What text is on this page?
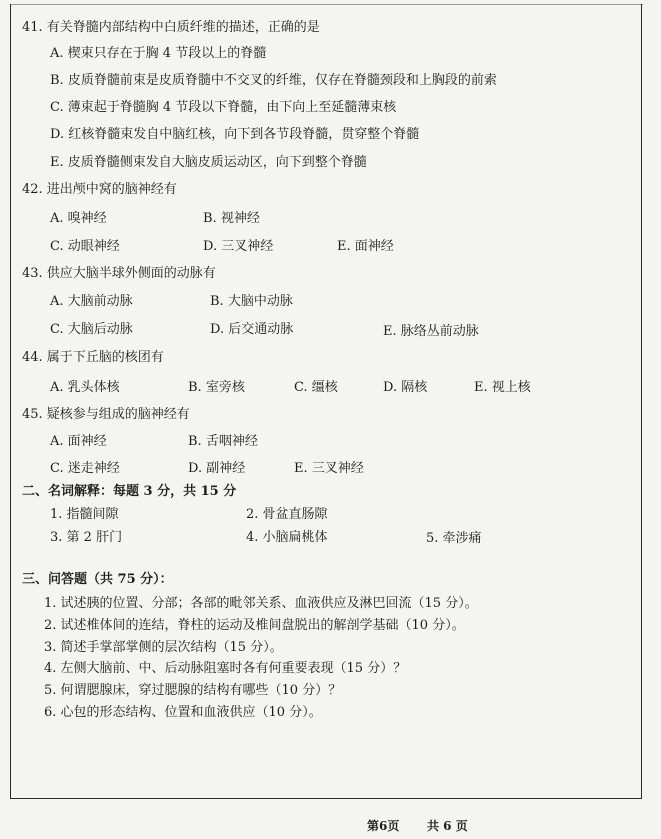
41. 有关脊髓内部结构中白质纤维的描述，正确的是
A. 楔束只存在于胸 4 节段以上的脊髓
B. 皮质脊髓前束是皮质脊髓中不交叉的纤维，仅存在脊髓颈段和上胸段的前索
C. 薄束起于脊髓胸 4 节段以下脊髓，由下向上至延髓薄束核
D. 红核脊髓束发自中脑红核，向下到各节段脊髓，贯穿整个脊髓
E. 皮质脊髓侧束发自大脑皮质运动区，向下到整个脊髓
42. 进出颅中窝的脑神经有
A. 嗅神经	B. 视神经
C. 动眼神经	D. 三叉神经	E. 面神经
43. 供应大脑半球外侧面的动脉有
A. 大脑前动脉	B. 大脑中动脉
C. 大脑后动脉	D. 后交通动脉	E. 脉络丛前动脉
44. 属于下丘脑的核团有
A. 乳头体核	B. 室旁核	C. 缰核	D. 隔核	E. 视上核
45. 疑核参与组成的脑神经有
A. 面神经	B. 舌咽神经
C. 迷走神经	D. 副神经	E. 三叉神经
二、名词解释：每题 3 分，共 15 分
1. 指髓间隙	2. 骨盆直肠隙
3. 第 2 肝门	4. 小脑扁桃体	5. 牵涉痛
三、问答题（共 75 分）：
1. 试述胰的位置、分部；各部的毗邻关系、血液供应及淋巴回流（15 分）。
2. 试述椎体间的连结，脊柱的运动及椎间盘脱出的解剖学基础（10 分）。
3. 简述手掌部掌侧的层次结构（15 分）。
4. 左侧大脑前、中、后动脉阻塞时各有何重要表现（15 分）？
5. 何谓腮腺床，穿过腮腺的结构有哪些（10 分）？
6. 心包的形态结构、位置和血液供应（10 分）。
第6页 共 6 页
